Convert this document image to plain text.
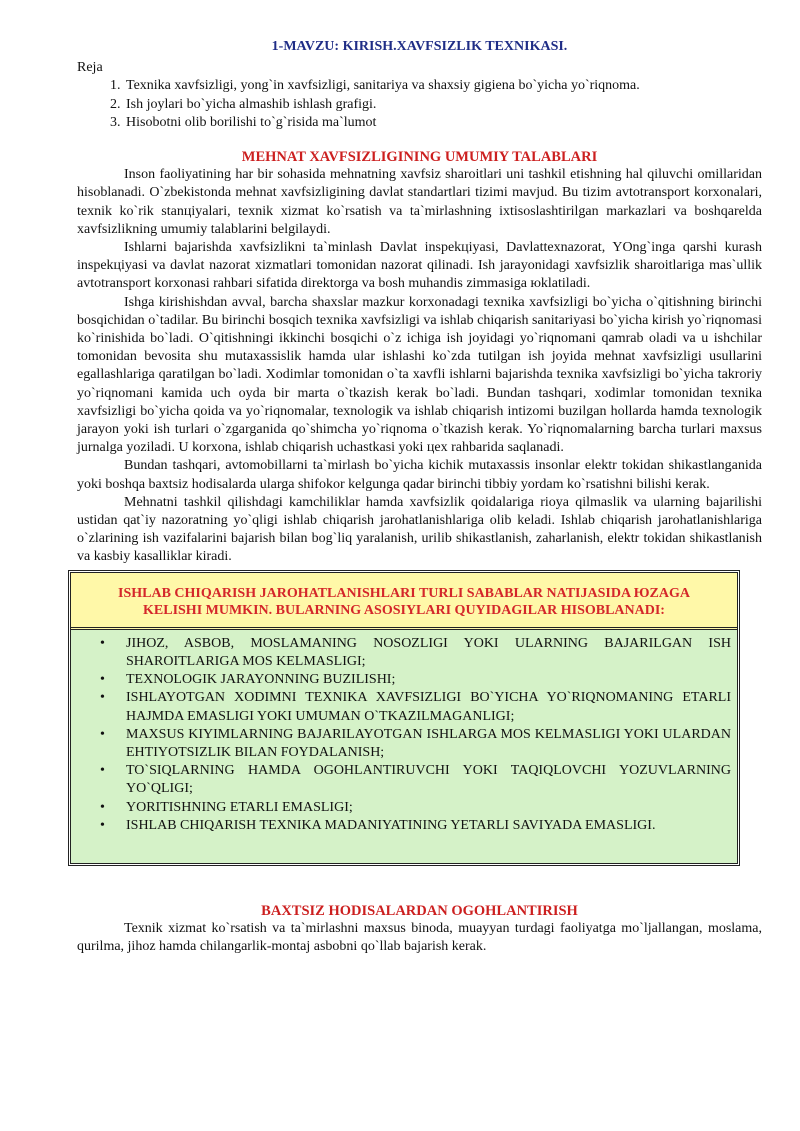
1-MAVZU: KIRISH.XAVFSIZLIK TEXNIKASI.

Reja

1. Texnika xavfsizligi, yong`in xavfsizligi, sanitariya va shaxsiy gigiena bo`yicha yo`riqnoma.
2. Ish joylari bo`yicha almashib ishlash grafigi.
3. Hisobotni olib borilishi to`g`risida ma`lumot
MEHNAT XAVFSIZLIGINING UMUMIY TALABLARI

Inson faoliyatining har bir sohasida mehnatning xavfsiz sharoitlari uni tashkil etishning hal qiluvchi omillaridan hisoblanadi. O`zbekistonda mehnat xavfsizligining davlat standartlari tizimi mavjud. Bu tizim avtotransport korxonalari, texnik ko`rik stanцiyalari, texnik xizmat ko`rsatish va ta`mirlashning ixtisoslashtirilgan markazlari va boshqarelda xavfsizlikning umumiy talablarini belgilaydi.

Ishlarni bajarishda xavfsizlikni ta`minlash Davlat inspekцiyasi, Davlattexnazorat, YOng`inga qarshi kurash inspekцiyasi va davlat nazorat xizmatlari tomonidan nazorat qilinadi. Ish jarayonidagi xavfsizlik sharoitlariga mas`ullik avtotransport korxonasi rahbari sifatida direktorga va bosh muhandis zimmasiga юklatiladi.

Ishga kirishishdan avval, barcha shaxslar mazkur korxonadagi texnika xavfsizligi bo`yicha o`qitishning birinchi bosqichidan o`tadilar. Bu birinchi bosqich texnika xavfsizligi va ishlab chiqarish sanitariyasi bo`yicha kirish yo`riqnomasi ko`rinishida bo`ladi. O`qitishningi ikkinchi bosqichi o`z ichiga ish joyidagi yo`riqnomani qamrab oladi va u ishchilar tomonidan bevosita shu mutaxassislik hamda ular ishlashi ko`zda tutilgan ish joyida mehnat xavfsizligi usullarini egallashlariga qaratilgan bo`ladi. Xodimlar tomonidan o`ta xavfli ishlarni bajarishda texnika xavfsizligi bo`yicha takroriy yo`riqnomani kamida uch oyda bir marta o`tkazish kerak bo`ladi. Bundan tashqari, xodimlar tomonidan texnika xavfsizligi bo`yicha qoida va yo`riqnomalar, texnologik va ishlab chiqarish intizomi buzilgan hollarda hamda texnologik jarayon yoki ish turlari o`zgarganida qo`shimcha yo`riqnoma o`tkazish kerak. Yo`riqnomalarning barcha turlari maxsus jurnalga yoziladi. U korxona, ishlab chiqarish uchastkasi yoki цex rahbarida saqlanadi.

Bundan tashqari, avtomobillarni ta`mirlash bo`yicha kichik mutaxassis insonlar elektr tokidan shikastlanganida yoki boshqa baxtsiz hodisalarda ularga shifokor kelgunga qadar birinchi tibbiy yordam ko`rsatishni bilishi kerak.

Mehnatni tashkil qilishdagi kamchiliklar hamda xavfsizlik qoidalariga rioya qilmaslik va ularning bajarilishi ustidan qat`iy nazoratning yo`qligi ishlab chiqarish jarohatlanishlariga olib keladi. Ishlab chiqarish jarohatlanishlariga o`zlarining ish vazifalarini bajarish bilan bog`liq yaralanish, urilib shikastlanish, zaharlanish, elektr tokidan shikastlanish va kasbiy kasalliklar kiradi.

ISHLAB CHIQARISH JAROHATLANISHLARI TURLI SABABLAR NATIJASIDA ЮZAGA KELISHI MUMKIN. BULARNING ASOSIYLARI QUYIDAGILAR HISOBLANADI:
• JIHOZ, ASBOB, MOSLAMANING NOSOZLIGI YOKI ULARNING BAJARILGAN ISH SHAROITLARIGA MOS KELMASLIGI;
• TEXNOLOGIK JARAYONNING BUZILISHI;
• ISHLAYOTGAN XODIMNI TEXNIKA XAVFSIZLIGI BO`YICHA YO`RIQNOMANING ETARLI HAJMDA EMASLIGI YOKI UMUMAN O`TKAZILMAGANLIGI;
• MAXSUS KIYIMLARNING BAJARILAYOTGAN ISHLARGA MOS KELMASLIGI YOKI ULARDAN EHTIYOTSIZLIK BILAN FOYDALANISH;
• TO`SIQLARNING HAMDA OGOHLANTIRUVCHI YOKI TAQIQLOVCHI YOZUVLARNING YO`QLIGI;
• YORITISHNING ETARLI EMASLIGI;
• ISHLAB CHIQARISH TEXNIKA MADANIYATINING YETARLI SAVIYADA EMASLIGI.
BAXTSIZ HODISALARDAN OGOHLANTIRISH

Texnik xizmat ko`rsatish va ta`mirlashni maxsus binoda, muayyan turdagi faoliyatga mo`ljallangan, moslama, qurilma, jihoz hamda chilangarlik-montaj asbobni qo`llab bajarish kerak.
